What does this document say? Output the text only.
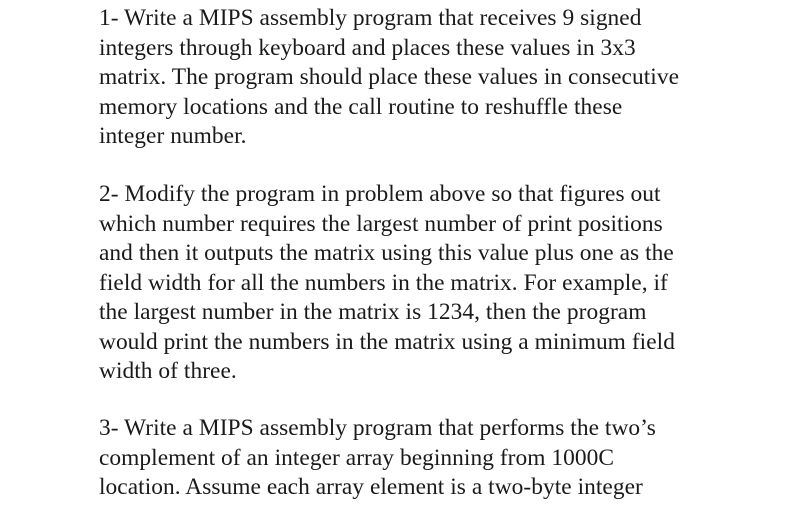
1- Write a MIPS assembly program that receives 9 signed
integers through keyboard and places these values in 3x3
matrix. The program should place these values in consecutive
memory locations and the call routine to reshuffle these
integer number.

2- Modify the program in problem above so that figures out
which number requires the largest number of print positions
and then it outputs the matrix using this value plus one as the
field width for all the numbers in the matrix. For example, if
the largest number in the matrix is 1234, then the program
would print the numbers in the matrix using a minimum field
width of three.

3- Write a MIPS assembly program that performs the two’s
complement of an integer array beginning from 1000C
location. Assume each array element is a two-byte integer
